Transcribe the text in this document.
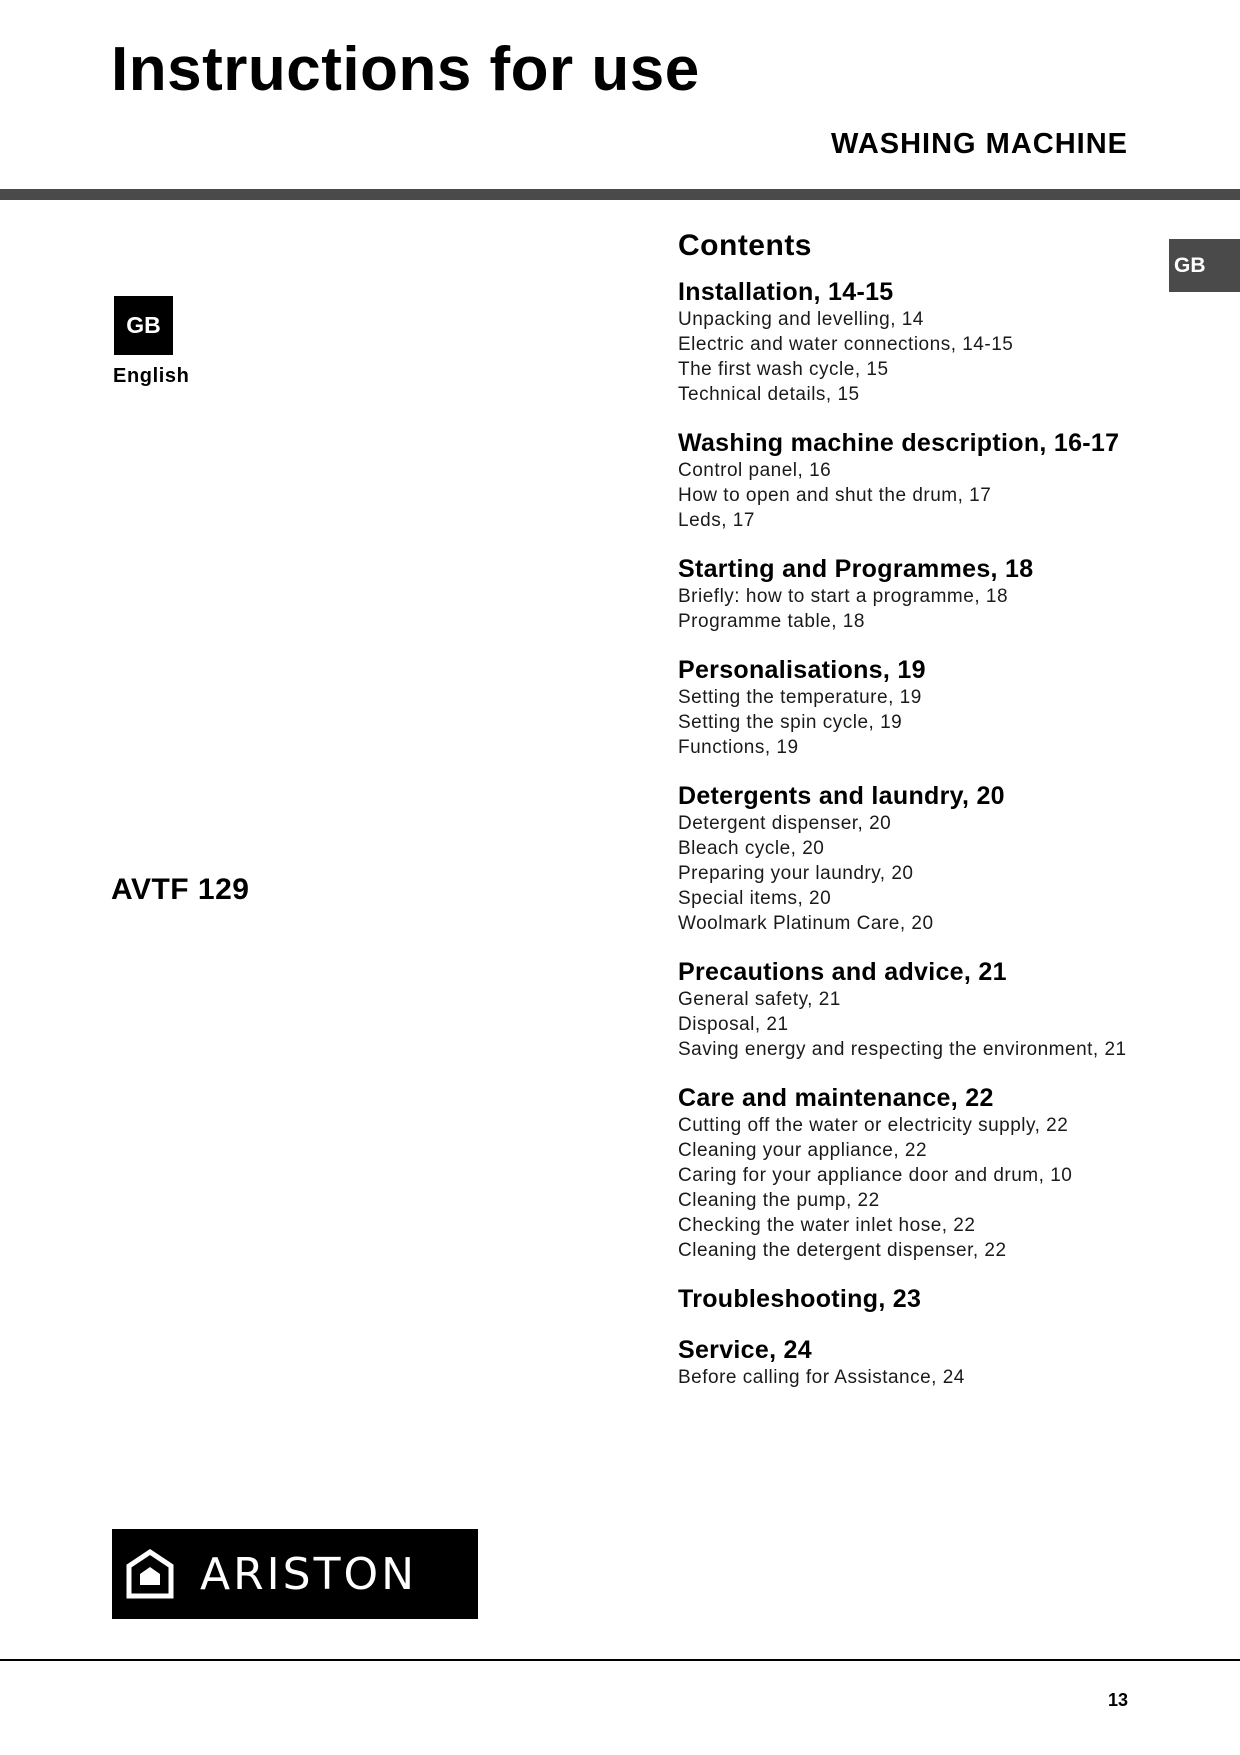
Instructions for use
WASHING MACHINE
GB
GB
English
AVTF 129
Contents
Installation, 14-15
Unpacking and levelling, 14
Electric and water connections, 14-15
The first wash cycle, 15
Technical details, 15
Washing machine description, 16-17
Control panel, 16
How to open and shut the drum, 17
Leds, 17
Starting and Programmes, 18
Briefly: how to start a programme, 18
Programme table, 18
Personalisations, 19
Setting the temperature, 19
Setting the spin cycle, 19
Functions, 19
Detergents and laundry, 20
Detergent dispenser, 20
Bleach cycle, 20
Preparing your laundry, 20
Special items, 20
Woolmark Platinum Care, 20
Precautions and advice, 21
General safety, 21
Disposal, 21
Saving energy and respecting the environment, 21
Care and maintenance, 22
Cutting off the water or electricity supply, 22
Cleaning your appliance, 22
Caring for your appliance door and drum, 10
Cleaning the pump, 22
Checking the water inlet hose, 22
Cleaning the detergent dispenser, 22
Troubleshooting, 23
Service, 24
Before calling for Assistance, 24
ARISTON
13
